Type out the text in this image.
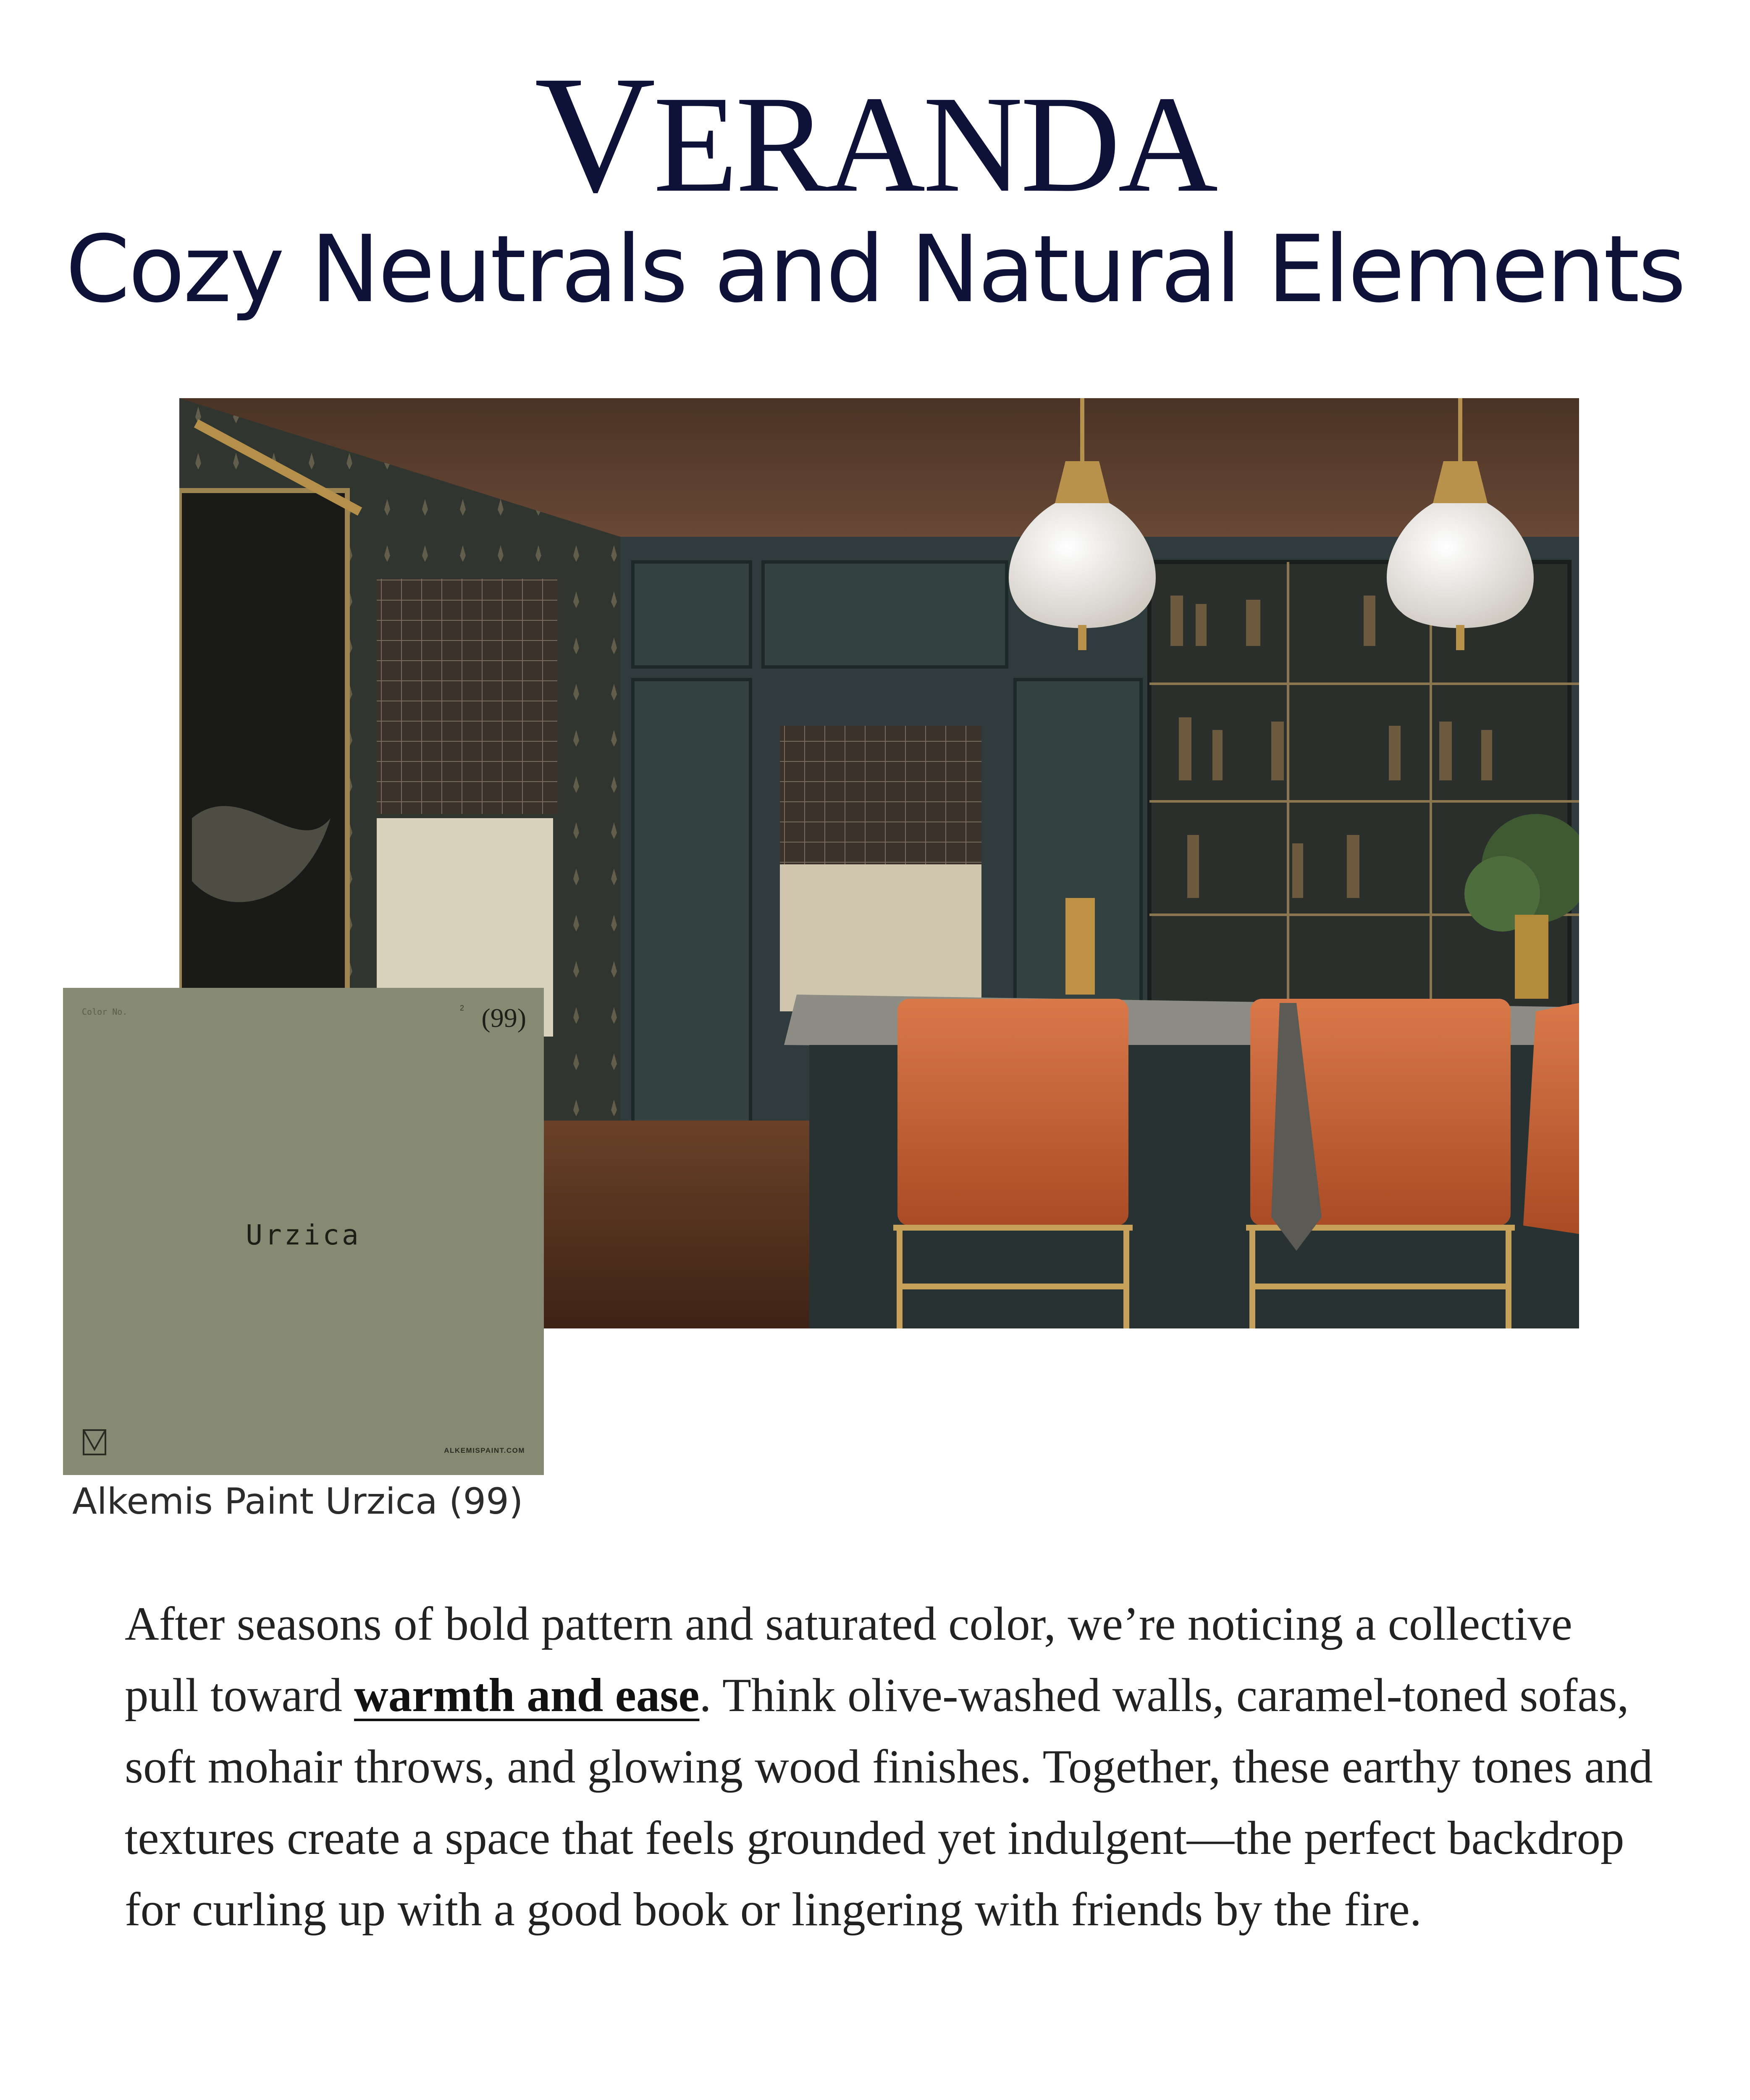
VERANDA
Cozy Neutrals and Natural Elements
Color No.	2 (99)
Urzica
ALKEMISPAINT.COM
Alkemis Paint Urzica (99)

After seasons of bold pattern and saturated color, we’re noticing a collective pull toward warmth and ease. Think olive-washed walls, caramel-toned sofas, soft mohair throws, and glowing wood finishes. Together, these earthy tones and textures create a space that feels grounded yet indulgent—the perfect backdrop for curling up with a good book or lingering with friends by the fire.
